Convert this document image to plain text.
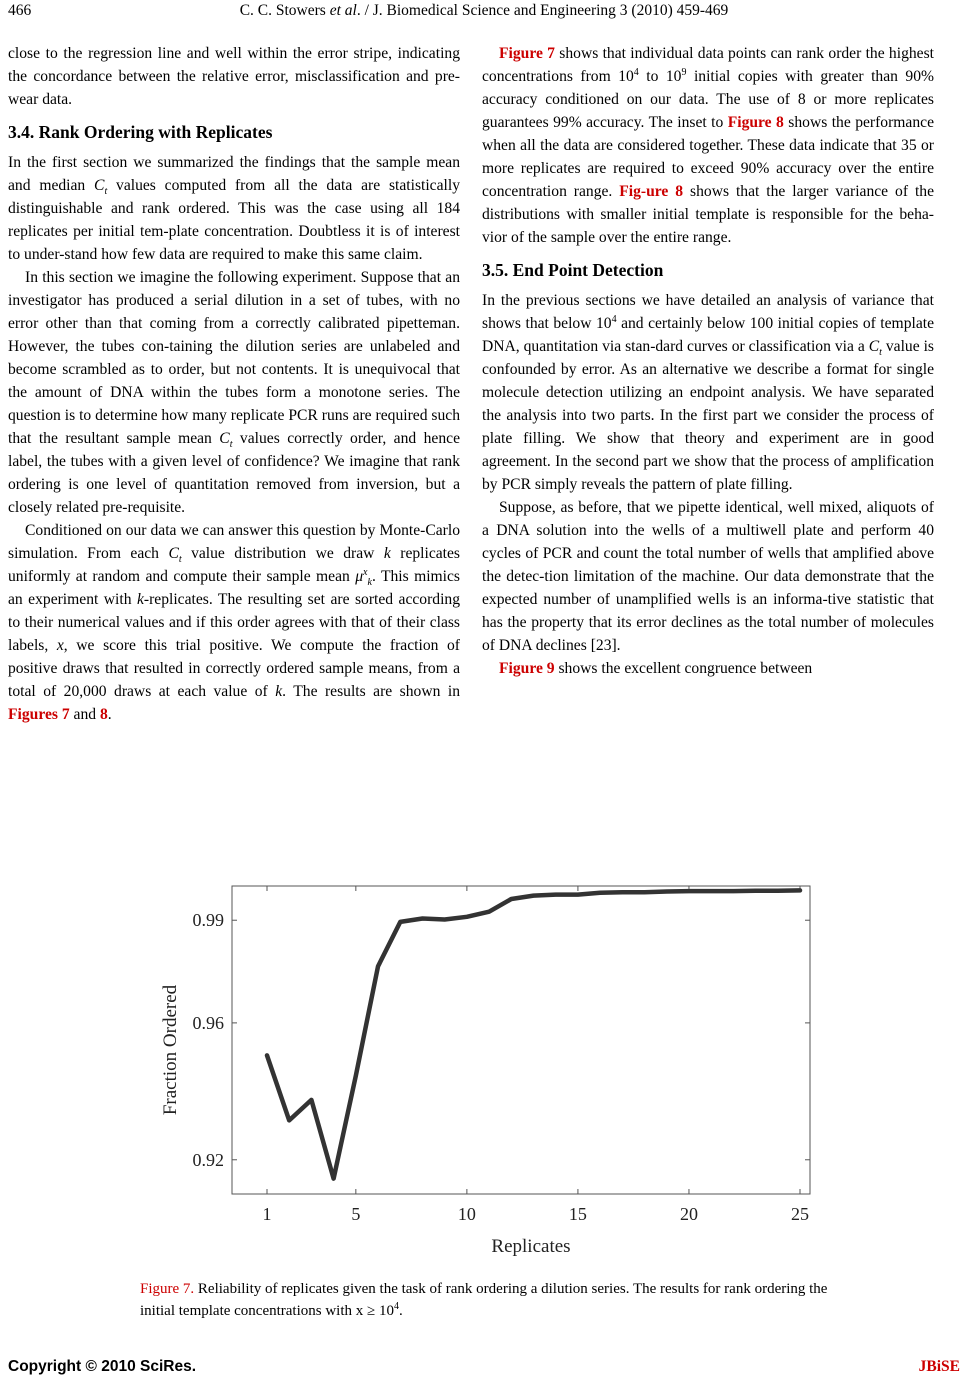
466	C. C. Stowers et al. / J. Biomedical Science and Engineering 3 (2010) 459-469

close to the regression line and well within the error stripe, indicating the concordance between the relative error, misclassification and pre-wear data.

3.4. Rank Ordering with Replicates

In the first section we summarized the findings that the sample mean and median $C_t$ values computed from all the data are statistically distinguishable and rank ordered. This was the case using all 184 replicates per initial tem-plate concentration. Doubtless it is of interest to under-stand how few data are required to make this same claim.

In this section we imagine the following experiment. Suppose that an investigator has produced a serial dilution in a set of tubes, with no error other than that coming from a correctly calibrated pipetteman. However, the tubes con-taining the dilution series are unlabeled and become scrambled as to order, but not contents. It is unequivocal that the amount of DNA within the tubes form a monotone series. The question is to determine how many replicate PCR runs are required such that the resultant sample mean $C_t$ values correctly order, and hence label, the tubes with a given level of confidence? We imagine that rank ordering is one level of quantitation removed from inversion, but a closely related pre-requisite.

Conditioned on our data we can answer this question by Monte-Carlo simulation. From each $C_t$ value distribution we draw k replicates uniformly at random and compute their sample mean $\mu^x_k$. This mimics an experiment with k-replicates. The resulting set are sorted according to their numerical values and if this order agrees with that of their class labels, x, we score this trial positive. We compute the fraction of positive draws that resulted in correctly ordered sample means, from a total of 20,000 draws at each value of k. The results are shown in Figures 7 and 8.

Figure 7 shows that individual data points can rank order the highest concentrations from $10^4$ to $10^9$ initial copies with greater than 90% accuracy conditioned on our data. The use of 8 or more replicates guarantees 99% accuracy. The inset to Figure 8 shows the performance when all the data are considered together. These data indicate that 35 or more replicates are required to exceed 90% accuracy over the entire concentration range. Fig-ure 8 shows that the larger variance of the distributions with smaller initial template is responsible for the beha-vior of the sample over the entire range.

3.5. End Point Detection

In the previous sections we have detailed an analysis of variance that shows that below $10^4$ and certainly below 100 initial copies of template DNA, quantitation via stan-dard curves or classification via a $C_t$ value is confounded by error. As an alternative we describe a format for single molecule detection utilizing an endpoint analysis. We have separated the analysis into two parts. In the first part we consider the process of plate filling. We show that theory and experiment are in good agreement. In the second part we show that the process of amplification by PCR simply reveals the pattern of plate filling.

Suppose, as before, that we pipette identical, well mixed, aliquots of a DNA solution into the wells of a multiwell plate and perform 40 cycles of PCR and count the total number of wells that amplified above the detec-tion limitation of the machine. Our data demonstrate that the expected number of unamplified wells is an informa-tive statistic that has the property that its error declines as the total number of molecules of DNA declines [23].

Figure 9 shows the excellent congruence between

1	5	10	15	20	25
0.92
0.96
0.99
Replicates
Fraction Ordered
Figure 7. Reliability of replicates given the task of rank ordering a dilution series. The results for rank ordering the initial template concentrations with $x \ge 10^4$.
Copyright © 2010 SciRes.	JBiSE
